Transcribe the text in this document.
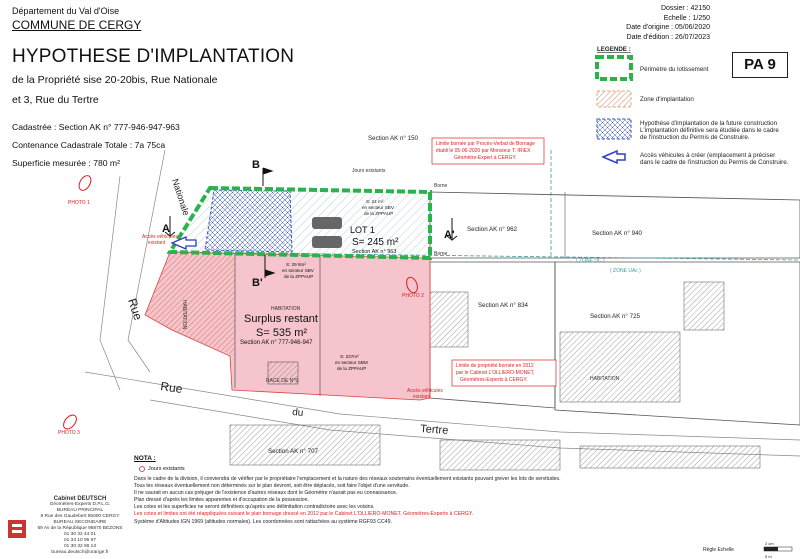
Département du Val d'Oise
COMMUNE DE CERGY
HYPOTHESE D'IMPLANTATION
de la Propriété sise 20-20bis, Rue Nationale
et 3, Rue du Tertre
Cadastrée : Section AK n° 777-946-947-963
Contenance Cadastrale Totale : 7a 75ca
Superficie mesurée : 780 m²
Dossier : 42150
Echelle : 1/250
Date d'origine : 05/06/2020
Date d'édition : 26/07/2023
PA 9
LEGENDE :
Périmètre du lotissement
Zone d'implantation
Hypothèse d'implantation de la future construction
L'implantation définitive sera étudiée dans le cadre
de l'instruction du Permis de Construire.
Accès véhicules à créer (emplacement à préciser
dans le cadre de l'instruction du Permis de Construire.
Section AK n° 150
Section AK n° 962
Section AK n° 940
Section AK n° 834
Section AK n° 725
Section AK n° 707
LOT 1
S= 245 m²
Section AK n° 963
S: 24 m²
en secteur SBV
de la ZPPAUP
Surplus restant
S= 535 m²
Section AK n° 777-946-947
S: 29 8m²
en secteur SBV
de la ZPPAUP
S: 237m²
en secteur SBM
de la ZPPAUP
Rue
Nationale
Rue
du
Tertre
A	A'
B
B'
PHOTO 1
PHOTO 2
PHOTO 3
Limite bornée par Procès-Verbal de Bornage
établi le 05-06-2020 par Monsieur T. IRIEX
Géomètre-Expert à CERGY.
Limite de propriété bornée en 2012
par le Cabinet L'OLLIERO-MONET,
Géomètres-Experts à CERGY.
Accès véhicules
existant
Accès véhicules
existant
Borne
Borne
Jours existants
HABITATION	HABITATION
HABITATION
RACE DE N°9
( ZONE UC )
( ZONE UAc )
Règle Echelle
2 cm
5 m
NOTA :
Jours existants
Dans le cadre de la division, il conviendra de vérifier par le propriétaire l'emplacement et la nature des réseaux souterrains éventuellement existants pouvant grever les lots de servitudes.
Tous les réseaux éventuellement non déterminés sur le plan devront, soit être déplacés, soit faire l'objet d'une servitude.
Il ne saurait en aucun cas préjuger de l'existence d'autres réseaux dont le Géomètre n'aurait pas eu connaissance.
Plan dressé d'après les limites apparentes et d'occupation de la possession.
Les cotes et les superficies ne seront définitives qu'après une délimitation contradictoire avec les voisins.
Les cotes et limites ont été réappliquées suivant le plan bornage dressé en 2012 par le Cabinet L'OLLIERO-MONET, Géomètres-Experts à CERGY.
Système d'Altitudes IGN 1969 (altitudes normales). Les coordonnées sont rattachées au système RGF93 CC49.
Cabinet DEUTSCH
Géomètres-Experts D.P.L.G.
BUREAU PRINCIPAL
8 Rue des Gaudebert 95000 CERGY
BUREAU SECONDAIRE
69 Av de la République 95870 BEZONS
01 30 32 44 01
01 34 10 95 97
01 30 32 86 13
bureau.deutsch@orange.fr
